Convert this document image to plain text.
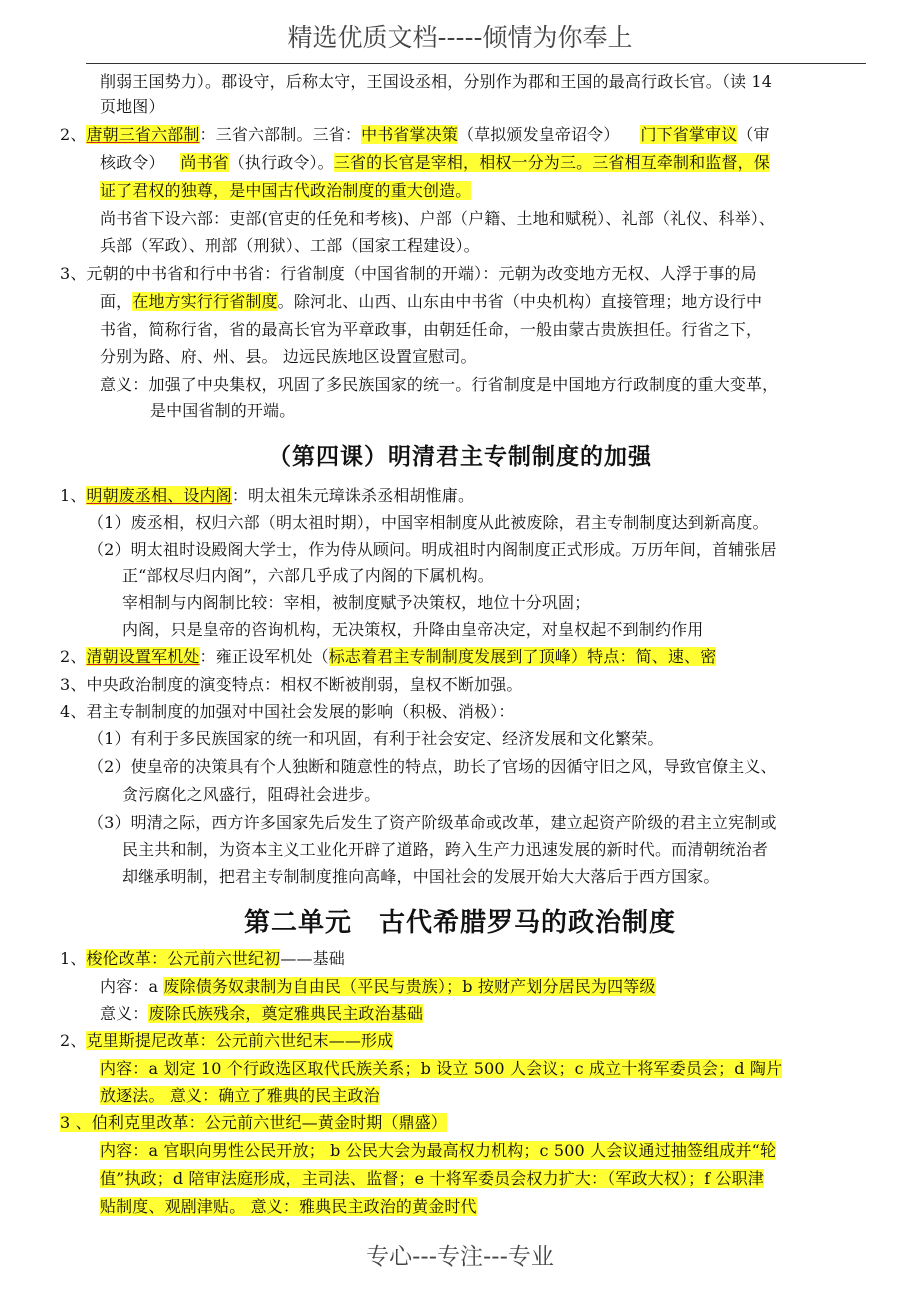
精选优质文档-----倾情为你奉上
削弱王国势力）。郡设守，后称太守，王国设丞相，分别作为郡和王国的最高行政长官。（读 14
页地图）
2、唐朝三省六部制：三省六部制。三省：中书省掌决策（草拟颁发皇帝诏令） 门下省掌审议（审
核政令） 尚书省（执行政令）。三省的长官是宰相，相权一分为三。三省相互牵制和监督，保
证了君权的独尊，是中国古代政治制度的重大创造。
尚书省下设六部：吏部(官吏的任免和考核)、户部（户籍、土地和赋税）、礼部（礼仪、科举）、
兵部（军政）、刑部（刑狱）、工部（国家工程建设）。
3、元朝的中书省和行中书省：行省制度（中国省制的开端）：元朝为改变地方无权、人浮于事的局
面，在地方实行行省制度。除河北、山西、山东由中书省（中央机构）直接管理；地方设行中
书省，简称行省，省的最高长官为平章政事，由朝廷任命，一般由蒙古贵族担任。行省之下，
分别为路、府、州、县。 边远民族地区设置宣慰司。
意义：加强了中央集权，巩固了多民族国家的统一。行省制度是中国地方行政制度的重大变革，
是中国省制的开端。
（第四课）明清君主专制制度的加强
1、明朝废丞相、设内阁：明太祖朱元璋诛杀丞相胡惟庸。
（1）废丞相，权归六部（明太祖时期），中国宰相制度从此被废除，君主专制制度达到新高度。
（2）明太祖时设殿阁大学士，作为侍从顾问。明成祖时内阁制度正式形成。万历年间，首辅张居
正“部权尽归内阁”，六部几乎成了内阁的下属机构。
宰相制与内阁制比较：宰相，被制度赋予决策权，地位十分巩固；
内阁，只是皇帝的咨询机构，无决策权，升降由皇帝决定，对皇权起不到制约作用
2、清朝设置军机处：雍正设军机处（标志着君主专制制度发展到了顶峰）特点：简、速、密
3、中央政治制度的演变特点：相权不断被削弱，皇权不断加强。
4、君主专制制度的加强对中国社会发展的影响（积极、消极）：
（1）有利于多民族国家的统一和巩固，有利于社会安定、经济发展和文化繁荣。
（2）使皇帝的决策具有个人独断和随意性的特点，助长了官场的因循守旧之风，导致官僚主义、
贪污腐化之风盛行，阻碍社会进步。
（3）明清之际，西方许多国家先后发生了资产阶级革命或改革，建立起资产阶级的君主立宪制或
民主共和制，为资本主义工业化开辟了道路，跨入生产力迅速发展的新时代。而清朝统治者
却继承明制，把君主专制制度推向高峰，中国社会的发展开始大大落后于西方国家。
第二单元　古代希腊罗马的政治制度
1、梭伦改革：公元前六世纪初——基础
内容：a 废除债务奴隶制为自由民（平民与贵族）；b 按财产划分居民为四等级
意义：废除氏族残余，奠定雅典民主政治基础
2、克里斯提尼改革：公元前六世纪末——形成
内容：a 划定 10 个行政选区取代氏族关系；b 设立 500 人会议；c 成立十将军委员会；d 陶片
放逐法。 意义：确立了雅典的民主政治
3 、伯利克里改革：公元前六世纪—黄金时期（鼎盛）
内容：a 官职向男性公民开放； b 公民大会为最高权力机构；c 500 人会议通过抽签组成并“轮
值”执政；d 陪审法庭形成，主司法、监督；e 十将军委员会权力扩大：（军政大权）；f 公职津
贴制度、观剧津贴。 意义：雅典民主政治的黄金时代
专心---专注---专业
